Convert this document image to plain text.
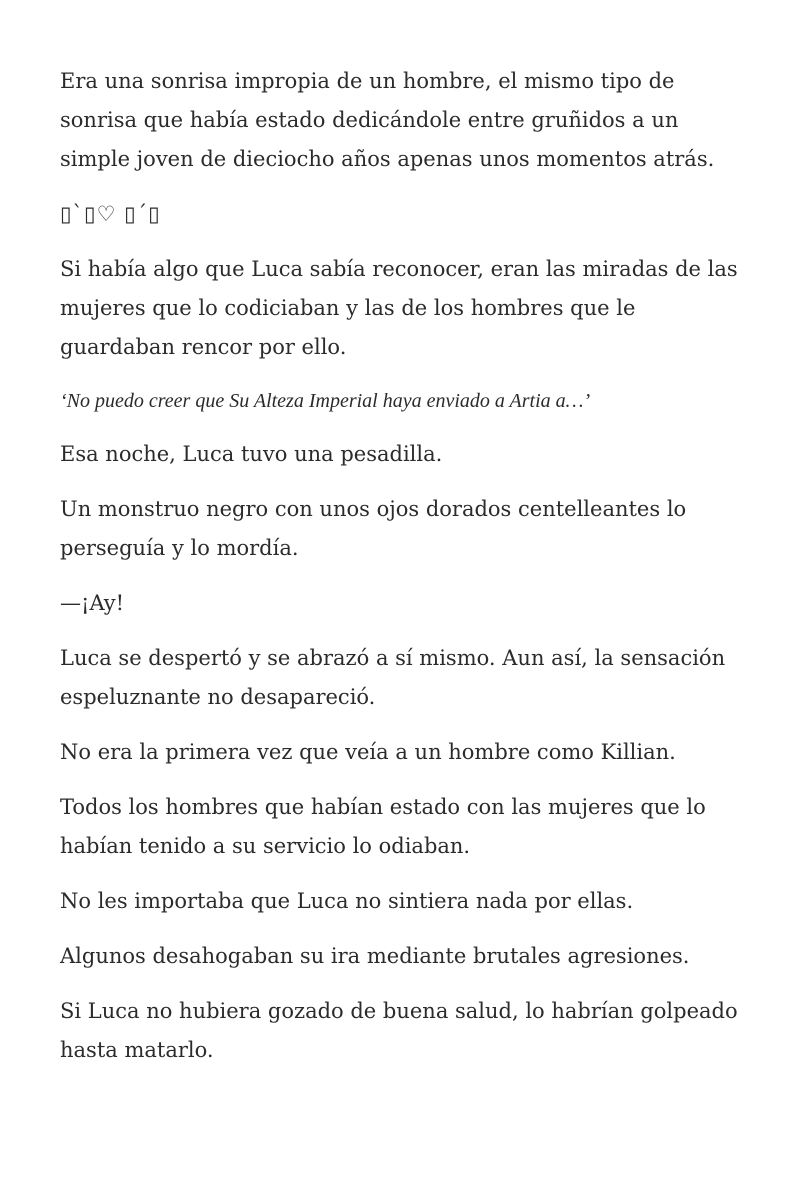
Era una sonrisa impropia de un hombre, el mismo tipo de sonrisa que había estado dedicándole entre gruñidos a un simple joven de dieciocho años apenas unos momentos atrás.

▯`▯♡ ▯´▯

Si había algo que Luca sabía reconocer, eran las miradas de las mujeres que lo codiciaban y las de los hombres que le guardaban rencor por ello.

‘No puedo creer que Su Alteza Imperial haya enviado a Artia a…’

Esa noche, Luca tuvo una pesadilla.

Un monstruo negro con unos ojos dorados centelleantes lo perseguía y lo mordía.

—¡Ay!

Luca se despertó y se abrazó a sí mismo. Aun así, la sensación espeluznante no desapareció.

No era la primera vez que veía a un hombre como Killian.

Todos los hombres que habían estado con las mujeres que lo habían tenido a su servicio lo odiaban.

No les importaba que Luca no sintiera nada por ellas.

Algunos desahogaban su ira mediante brutales agresiones.

Si Luca no hubiera gozado de buena salud, lo habrían golpeado hasta matarlo.
